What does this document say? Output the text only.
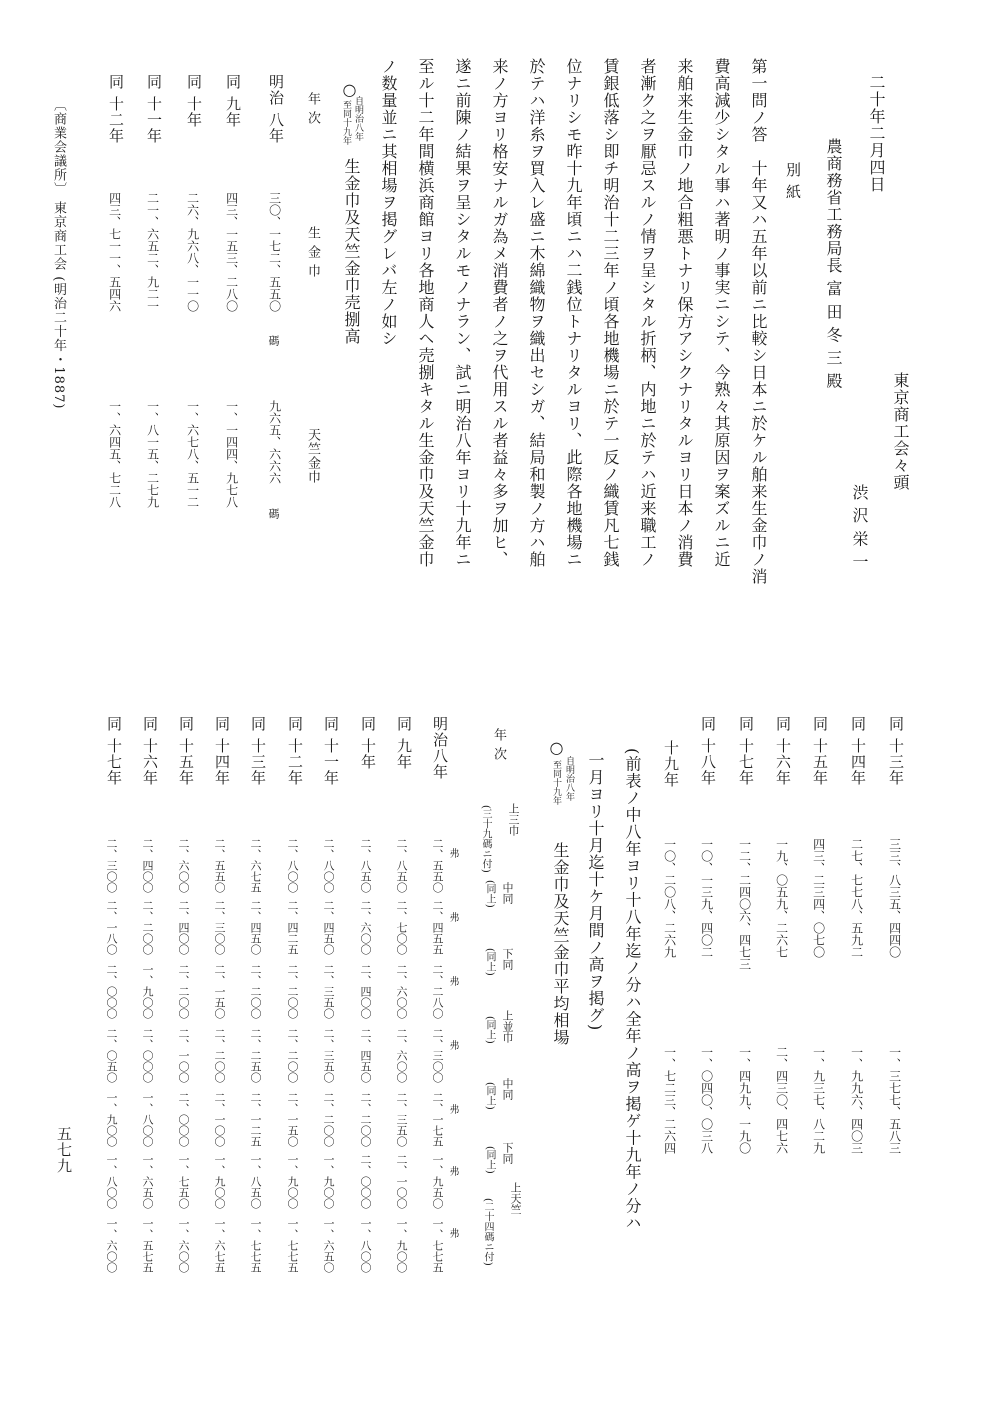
二十年二月四日
農商務省工務局長 富 田 冬 三 殿
東京商工会々頭
渋 沢 栄 一
別 紙
第一問ノ答　十年又ハ五年以前ニ比較シ日本ニ於ケル舶来生金巾ノ消
費高減少シタル事ハ著明ノ事実ニシテ、今熟々其原因ヲ案ズルニ近
来舶来生金巾ノ地合粗悪トナリ保方アシクナリタルヨリ日本ノ消費
者漸ク之ヲ厭忌スルノ情ヲ呈シタル折柄、内地ニ於テハ近来職工ノ
賃銀低落シ即チ明治十二三年ノ頃各地機場ニ於テ一反ノ織賃凡七銭
位ナリシモ昨十九年頃ニハ二銭位トナリタルヨリ、此際各地機場ニ
於テハ洋糸ヲ買入レ盛ニ木綿織物ヲ織出セシガ、結局和製ノ方ハ舶
来ノ方ヨリ格安ナルガ為メ消費者ノ之ヲ代用スル者益々多ヲ加ヒ、
遂ニ前陳ノ結果ヲ呈シタルモノナラン、試ニ明治八年ヨリ十九年ニ
至ル十二年間横浜商館ヨリ各地商人ヘ売捌キタル生金巾及天竺金巾
ノ数量並ニ其相場ヲ掲グレバ左ノ如シ
○
自明治八年
至同十九年
生金巾及天竺金巾売捌高
年 次
生 金 巾
天竺金巾
碼
碼
明治 八年
三〇、一七二、五五〇
九六五、六六六
同 九年
四三、一五三、二八〇
一、一四四、九七八
同 十年
二六、九六八、一一〇
一、六七八、五一二
同 十一年
二一、六五二、九二一
一、八一五、二七九
同 十二年
四三、七一一、五四六
一、六四五、七二八
〔商業会議所〕 東京商工会 (明治二十年・1887)
同 十三年
三三、八三五、四四〇
一、三七七、五八三
同 十四年
二七、七七八、五九二
一、九九六、四〇三
同 十五年
四三、二三四、〇七〇
一、九三七、八二九
同 十六年
一九、〇五九、二六七
二、四三〇、四七六
同 十七年
一二、二四〇六、四七三
一、四九九、一九〇
同 十八年
一〇、一三九、四〇二
一、〇四〇、〇三八
十九年
一〇、二〇八、二六九
一、七二三、二六四
(前表ノ中八年ヨリ十八年迄ノ分ハ全年ノ高ヲ掲ゲ十九年ノ分ハ
一月ヨリ十月迄十ケ月間ノ高ヲ掲グ)
○
自明治八年
至同十九年
生金巾及天竺金巾平均相場
年 次
上三巾
(三十九碼ニ付)
中同
(同上)
下同
(同上)
上並巾
(同上)
中同
(同上)
下同
(同上)
上天竺
(二十四碼ニ付)
弗
弗
弗
弗
弗
弗
弗
明治八年
二、五五〇
二、四五五
二、二八〇
二、三〇〇
二、一七五
一、九五〇
一、七七五
同 九年
二、八五〇
二、七〇〇
二、六〇〇
二、六〇〇
二、三五〇
二、一〇〇
一、九〇〇
同 十年
二、八五〇
二、六〇〇
二、四〇〇
二、四五〇
二、二〇〇
二、〇〇〇
一、八〇〇
同 十一年
二、八〇〇
二、四五〇
二、三五〇
二、三五〇
二、二〇〇
一、九〇〇
一、六五〇
同 十二年
二、八〇〇
二、四二五
二、二〇〇
二、二〇〇
二、一五〇
一、九〇〇
一、七七五
同 十三年
二、六七五
二、四五〇
二、二〇〇
二、二五〇
二、一二五
一、八五〇
一、七七五
同 十四年
二、五五〇
二、三〇〇
二、一五〇
二、二〇〇
二、一〇〇
一、九〇〇
一、六七五
同 十五年
二、六〇〇
二、四〇〇
二、二〇〇
二、一〇〇
二、〇〇〇
一、七五〇
一、六〇〇
同 十六年
二、四〇〇
二、二〇〇
一、九〇〇
二、〇〇〇
一、八〇〇
一、六五〇
一、五七五
同 十七年
二、三〇〇
二、一八〇
二、〇〇〇
二、〇五〇
一、九〇〇
一、八〇〇
一、六〇〇
五七九
